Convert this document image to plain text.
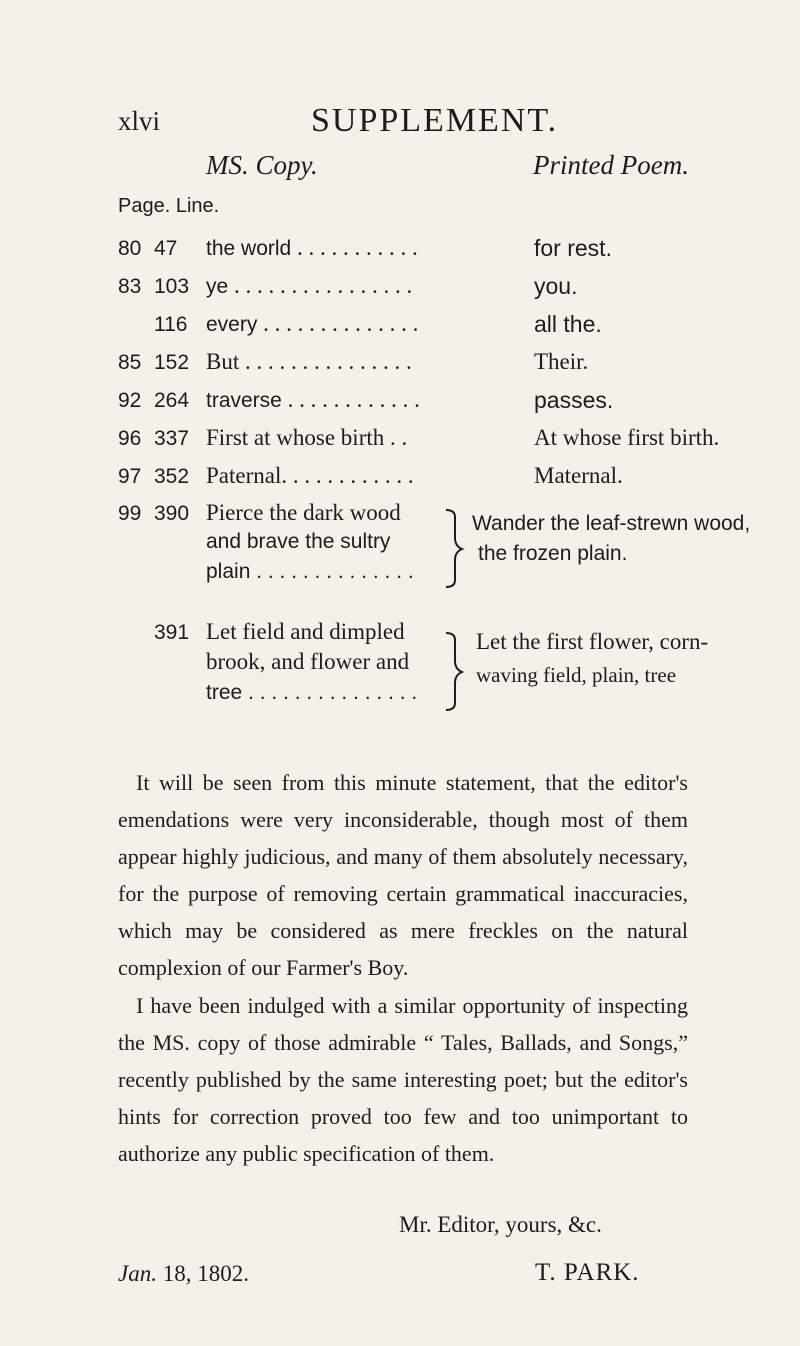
xlvi	SUPPLEMENT.
MS. Copy.	Printed Poem.
Page. Line.
80 47 the world . . . . . . . . . . .	for rest.
83 103 ye . . . . . . . . . . . . . . . .	you.
116 every . . . . . . . . . . . . . .	all the.
85 152 But . . . . . . . . . . . . . . .	Their.
92 264 traverse . . . . . . . . . . . .	passes.
96 337 First at whose birth . .	At whose first birth.
97 352 Paternal. . . . . . . . . . . .	Maternal.
99 390 Pierce the dark wood
and brave the sultry
plain . . . . . . . . . . . . . .
Wander the leaf-strewn wood,
the frozen plain.
391 Let field and dimpled
brook, and flower and
tree . . . . . . . . . . . . . . .
Let the first flower, corn-
waving field, plain, tree

It will be seen from this minute statement, that the editor's emendations were very inconsiderable, though most of them appear highly judicious, and many of them absolutely necessary, for the purpose of removing certain grammatical inaccuracies, which may be considered as mere freckles on the natural complexion of our Farmer's Boy.

I have been indulged with a similar opportunity of inspecting the MS. copy of those admirable “ Tales, Ballads, and Songs,” recently published by the same interesting poet; but the editor's hints for correction proved too few and too unimportant to authorize any public specification of them.

Mr. Editor, yours, &c.
Jan. 18, 1802.	T. PARK.
